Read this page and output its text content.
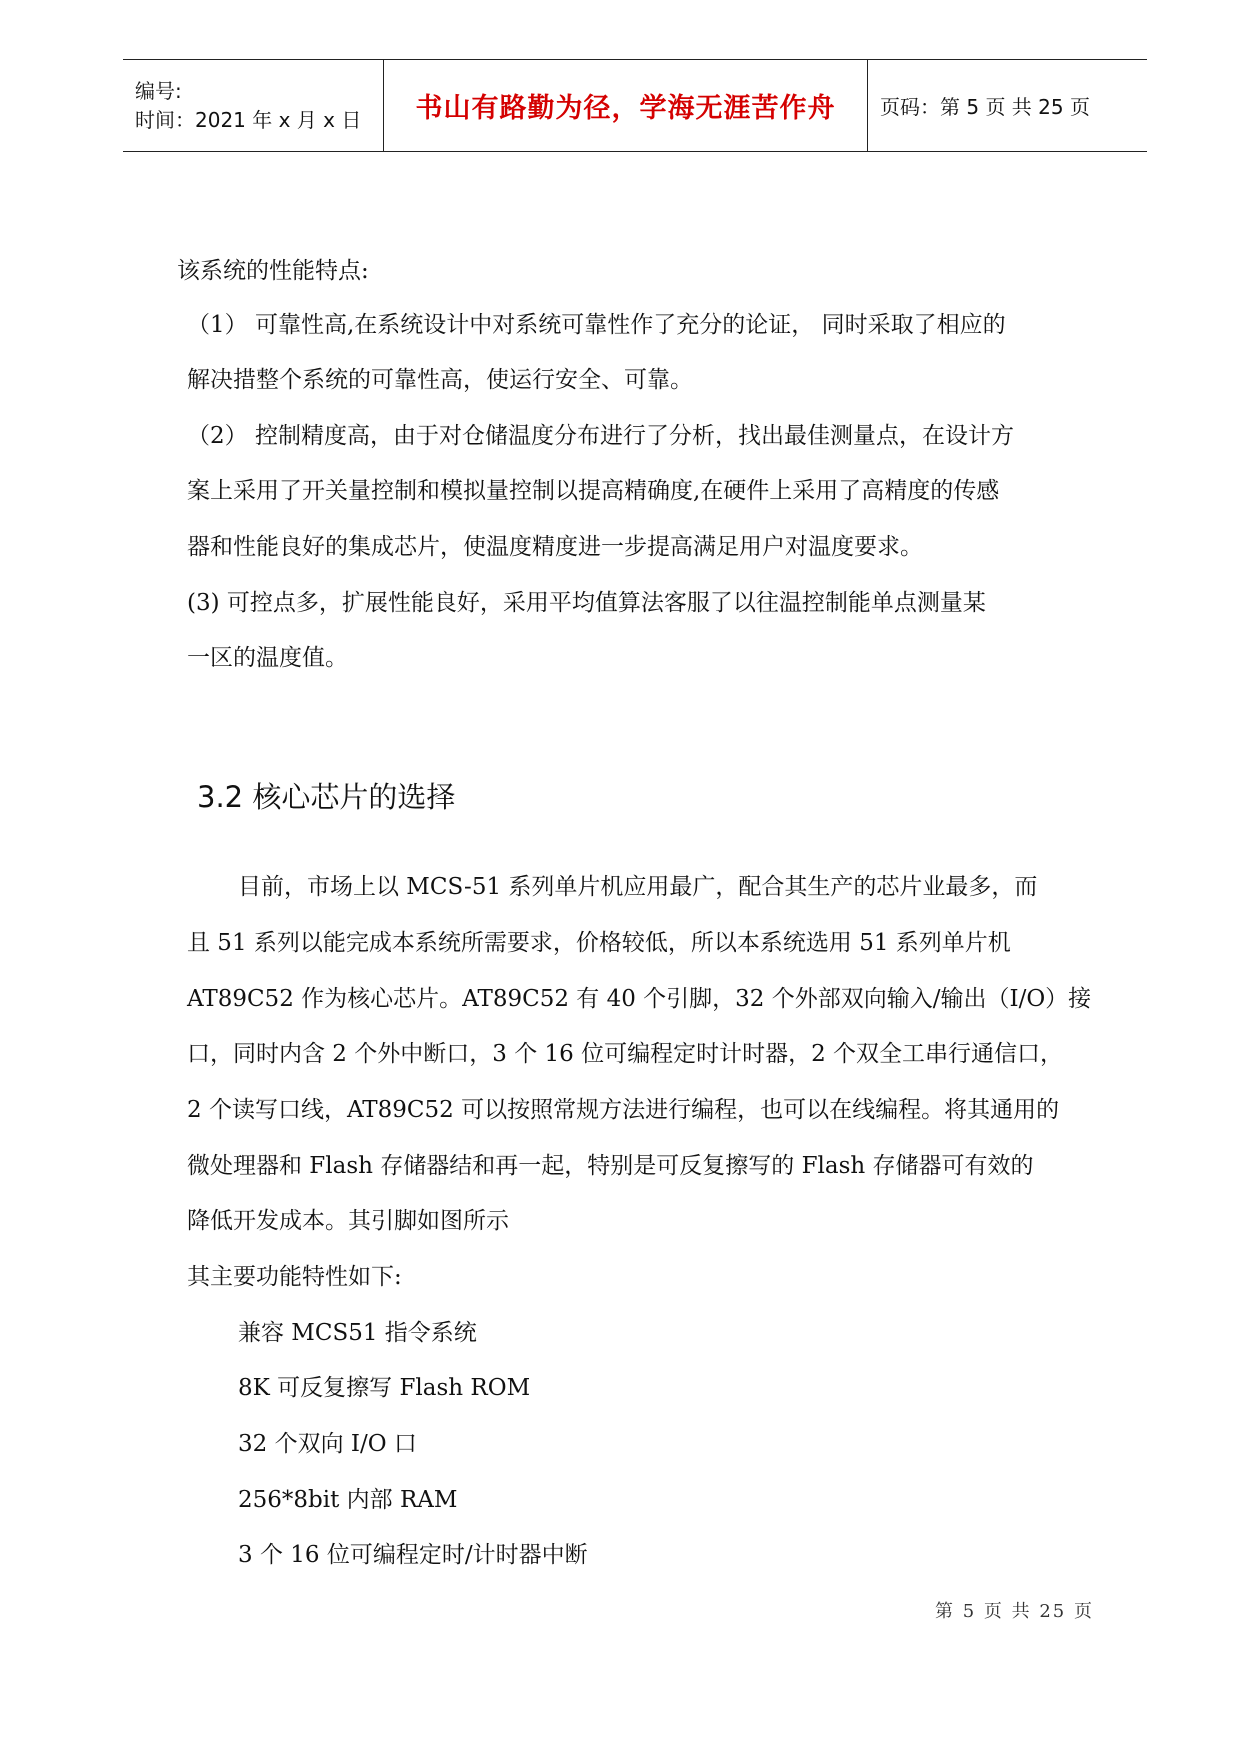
编号:
时间：2021 年 x 月 x 日	书山有路勤为径，学海无涯苦作舟 页码：第 5 页 共 25 页
该系统的性能特点:
（1） 可靠性高,在系统设计中对系统可靠性作了充分的论证， 同时采取了相应的
解决措整个系统的可靠性高，使运行安全、可靠。
（2） 控制精度高，由于对仓储温度分布进行了分析，找出最佳测量点，在设计方
案上采用了开关量控制和模拟量控制以提高精确度,在硬件上采用了高精度的传感
器和性能良好的集成芯片，使温度精度进一步提高满足用户对温度要求。
(3) 可控点多，扩展性能良好，采用平均值算法客服了以往温控制能单点测量某
一区的温度值。
3.2 核心芯片的选择
目前，市场上以 MCS-51 系列单片机应用最广，配合其生产的芯片业最多，而
且 51 系列以能完成本系统所需要求，价格较低，所以本系统选用 51 系列单片机
AT89C52 作为核心芯片。AT89C52 有 40 个引脚，32 个外部双向输入/输出（I/O）接
口，同时内含 2 个外中断口，3 个 16 位可编程定时计时器，2 个双全工串行通信口，
2 个读写口线，AT89C52 可以按照常规方法进行编程，也可以在线编程。将其通用的
微处理器和 Flash 存储器结和再一起，特别是可反复擦写的 Flash 存储器可有效的
降低开发成本。其引脚如图所示
其主要功能特性如下:
兼容 MCS51 指令系统
8K 可反复擦写 Flash ROM
32 个双向 I/O 口
256*8bit 内部 RAM
3 个 16 位可编程定时/计时器中断
第 5 页 共 25 页
